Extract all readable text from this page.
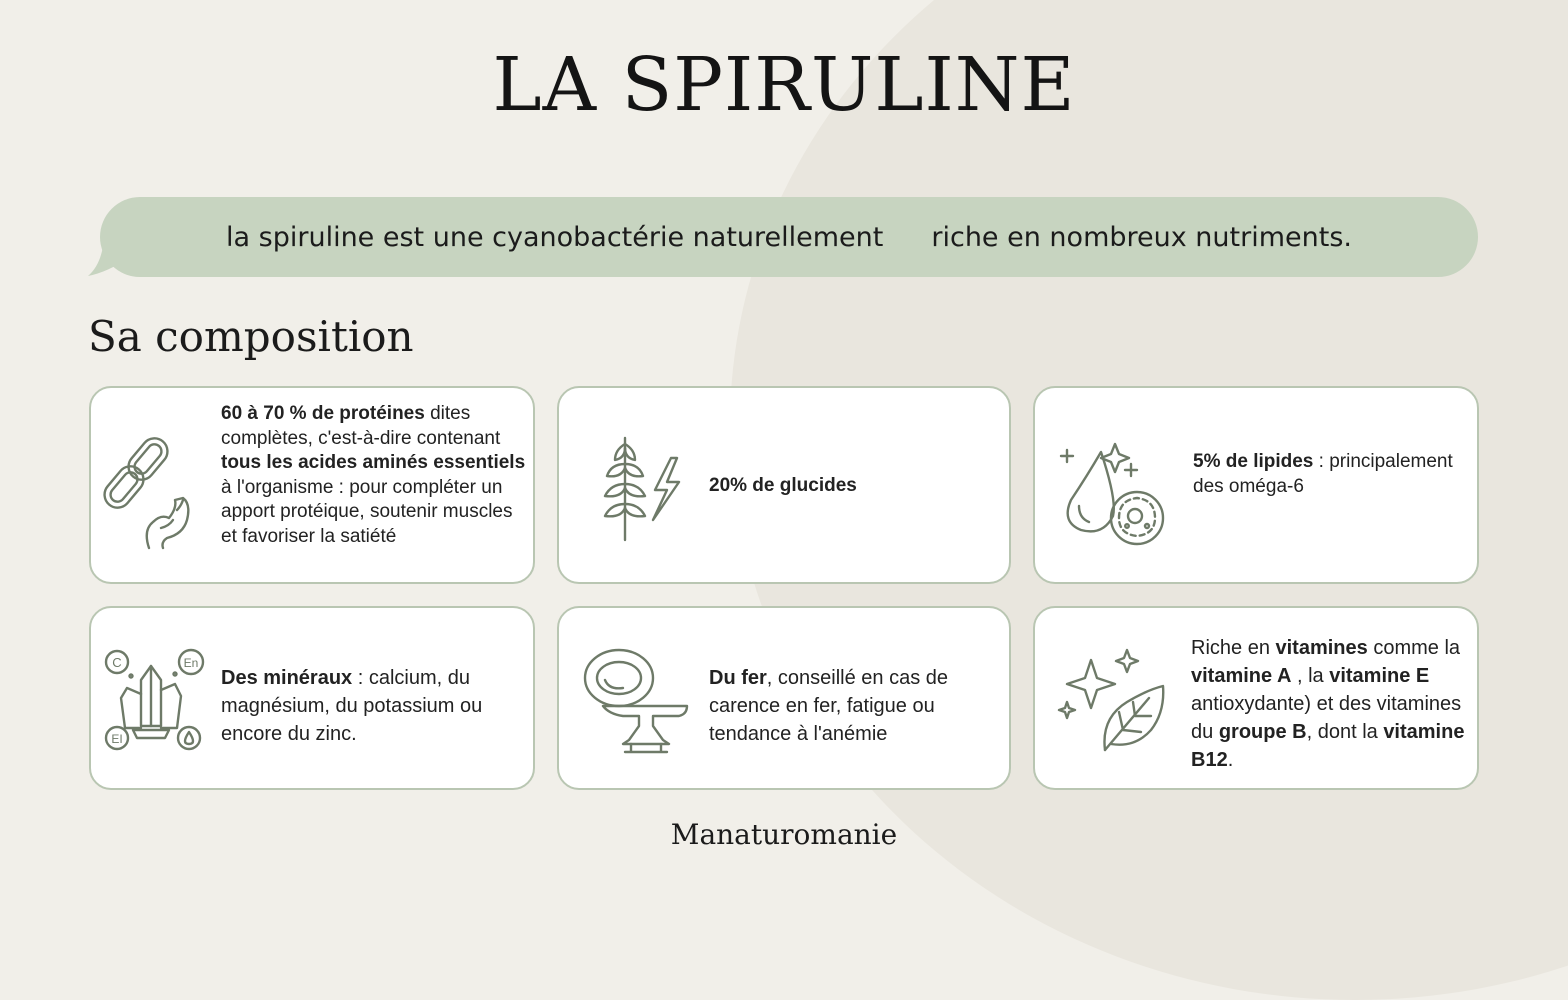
LA SPIRULINE
la spiruline est une cyanobactérie naturellement riche en nombreux nutriments.
Sa composition
60 à 70 % de protéines dites complètes, c'est-à-dire contenant tous les acides aminés essentiels à l'organisme : pour compléter un apport protéique, soutenir muscles et favoriser la satiété
20% de glucides
5% de lipides : principalement des oméga-6
C	En
EI
Des minéraux : calcium, du magnésium, du potassium ou encore du zinc.
Du fer, conseillé en cas de carence en fer, fatigue ou tendance à l'anémie
Riche en vitamines comme la vitamine A , la vitamine E antioxydante) et des vitamines du groupe B, dont la vitamine B12.
Manaturomanie
